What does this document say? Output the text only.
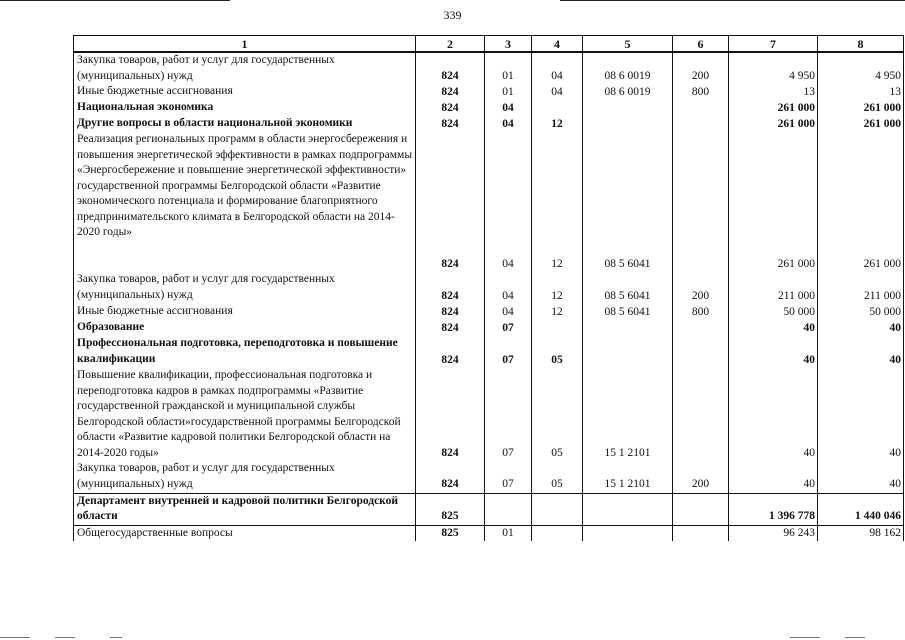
339
1	2	3	4	5	6	7	8
Закупка товаров, работ и услуг для государственных (муниципальных) нужд	824	01	04	08 6 0019	200	4 950	4 950
Иные бюджетные ассигнования	824	01	04	08 6 0019	800	13	13
Национальная экономика	824	04				261 000	261 000
Другие вопросы в области национальной экономики	824	04	12			261 000	261 000
Реализация региональных программ в области энергосбережения и повышения энергетической эффективности в рамках подпрограммы «Энергосбережение и повышение энергетической эффективности» государственной программы Белгородской области «Развитие экономического потенциала и формирование благоприятного предпринимательского климата в Белгородской области на 2014-2020 годы»	824	04	12	08 5 6041		261 000	261 000
Закупка товаров, работ и услуг для государственных (муниципальных) нужд	824	04	12	08 5 6041	200	211 000	211 000
Иные бюджетные ассигнования	824	04	12	08 5 6041	800	50 000	50 000
Образование	824	07				40	40
Профессиональная подготовка, переподготовка и повышение квалификации	824	07	05			40	40
Повышение квалификации, профессиональная подготовка и переподготовка кадров в рамках подпрограммы «Развитие государственной гражданской и муниципальной службы Белгородской области»государственной программы Белгородской области «Развитие кадровой политики Белгородской области на 2014-2020 годы»	824	07	05	15 1 2101		40	40
Закупка товаров, работ и услуг для государственных (муниципальных) нужд	824	07	05	15 1 2101	200	40	40
Департамент внутренней и кадровой политики Белгородской области	825					1 396 778	1 440 046
Общегосударственные вопросы	825	01				96 243	98 162
